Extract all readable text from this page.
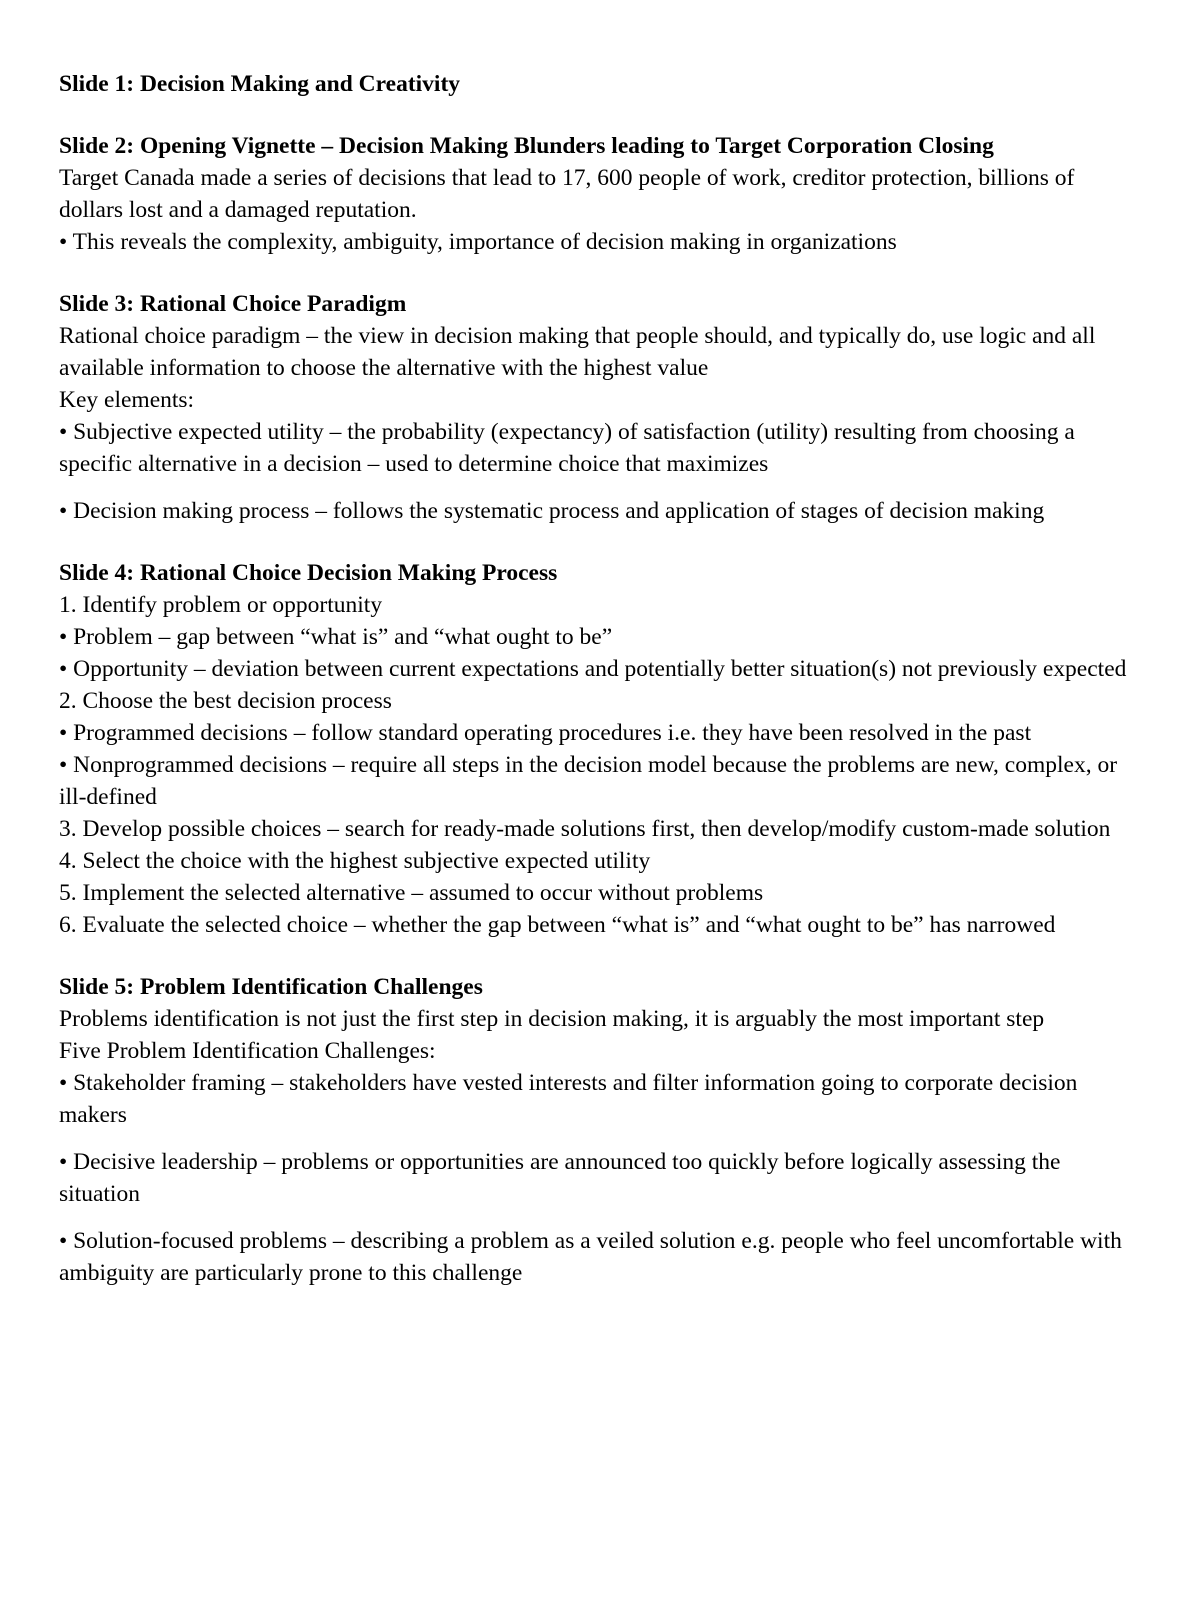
Slide 1: Decision Making and Creativity

Slide 2: Opening Vignette – Decision Making Blunders leading to Target Corporation Closing

Target Canada made a series of decisions that lead to 17, 600 people of work, creditor protection, billions of dollars lost and a damaged reputation.

• This reveals the complexity, ambiguity, importance of decision making in organizations

Slide 3: Rational Choice Paradigm

Rational choice paradigm – the view in decision making that people should, and typically do, use logic and all available information to choose the alternative with the highest value

Key elements:

• Subjective expected utility – the probability (expectancy) of satisfaction (utility) resulting from choosing a specific alternative in a decision – used to determine choice that maximizes

• Decision making process – follows the systematic process and application of stages of decision making

Slide 4: Rational Choice Decision Making Process

1. Identify problem or opportunity

• Problem – gap between “what is” and “what ought to be”

• Opportunity – deviation between current expectations and potentially better situation(s) not previously expected

2. Choose the best decision process

• Programmed decisions – follow standard operating procedures i.e. they have been resolved in the past

• Nonprogrammed decisions – require all steps in the decision model because the problems are new, complex, or ill-defined

3. Develop possible choices – search for ready-made solutions first, then develop/modify custom-made solution

4. Select the choice with the highest subjective expected utility

5. Implement the selected alternative – assumed to occur without problems

6. Evaluate the selected choice – whether the gap between “what is” and “what ought to be” has narrowed

Slide 5: Problem Identification Challenges

Problems identification is not just the first step in decision making, it is arguably the most important step

Five Problem Identification Challenges:

• Stakeholder framing – stakeholders have vested interests and filter information going to corporate decision makers

• Decisive leadership – problems or opportunities are announced too quickly before logically assessing the situation

• Solution-focused problems – describing a problem as a veiled solution e.g. people who feel uncomfortable with ambiguity are particularly prone to this challenge
